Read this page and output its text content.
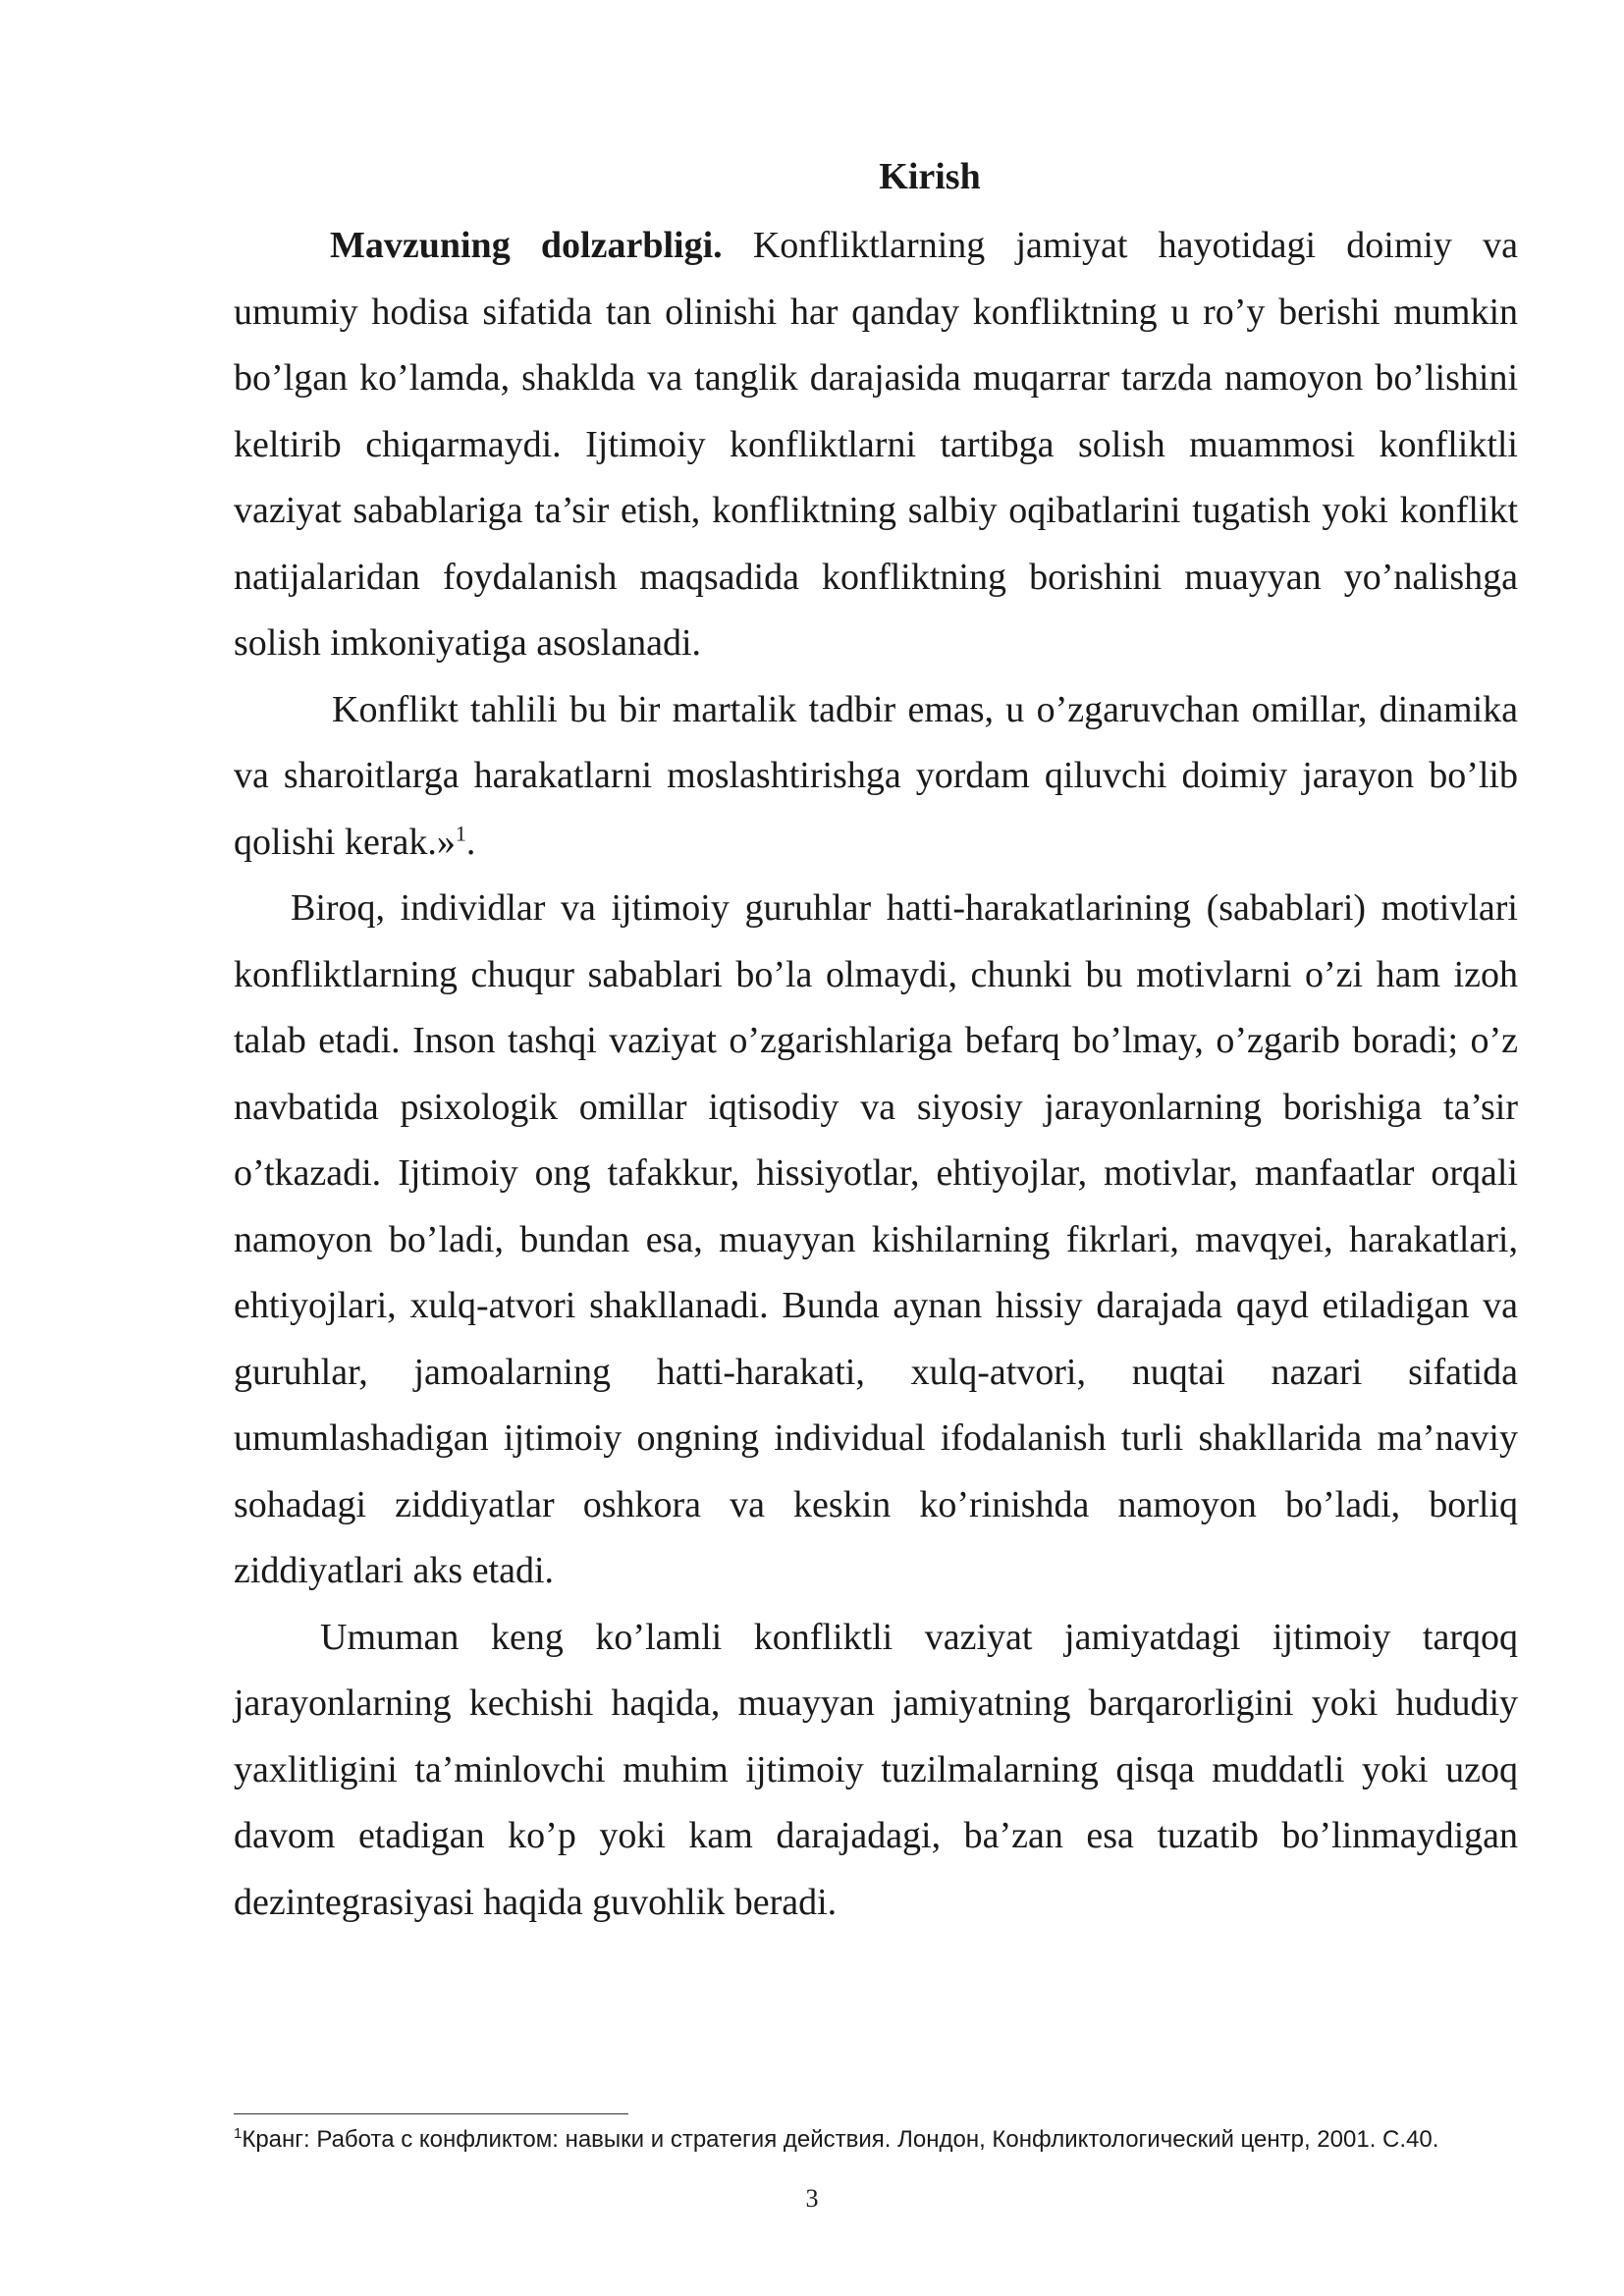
Kirish

Mavzuning dolzarbligi. Konfliktlarning jamiyat hayotidagi doimiy va umumiy hodisa sifatida tan olinishi har qanday konfliktning u ro’y berishi mumkin bo’lgan ko’lamda, shaklda va tanglik darajasida muqarrar tarzda namoyon bo’lishini keltirib chiqarmaydi. Ijtimoiy konfliktlarni tartibga solish muammosi konfliktli vaziyat sabablariga ta’sir etish, konfliktning salbiy oqibatlarini tugatish yoki konflikt natijalaridan foydalanish maqsadida konfliktning borishini muayyan yo’nalishga solish imkoniyatiga asoslanadi.

Konflikt tahlili bu bir martalik tadbir emas, u o’zgaruvchan omillar, dinamika va sharoitlarga harakatlarni moslashtirishga yordam qiluvchi doimiy jarayon bo’lib qolishi kerak.»$^1$.

Biroq, individlar va ijtimoiy guruhlar hatti-harakatlarining (sabablari) motivlari konfliktlarning chuqur sabablari bo’la olmaydi, chunki bu motivlarni o’zi ham izoh talab etadi. Inson tashqi vaziyat o’zgarishlariga befarq bo’lmay, o’zgarib boradi; o’z navbatida psixologik omillar iqtisodiy va siyosiy jarayonlarning borishiga ta’sir o’tkazadi. Ijtimoiy ong tafakkur, hissiyotlar, ehtiyojlar, motivlar, manfaatlar orqali namoyon bo’ladi, bundan esa, muayyan kishilarning fikrlari, mavqyei, harakatlari, ehtiyojlari, xulq-atvori shakllanadi. Bunda aynan hissiy darajada qayd etiladigan va guruhlar, jamoalarning hatti-harakati, xulq-atvori, nuqtai nazari sifatida umumlashadigan ijtimoiy ongning individual ifodalanish turli shakllarida ma’naviy sohadagi ziddiyatlar oshkora va keskin ko’rinishda namoyon bo’ladi, borliq ziddiyatlari aks etadi.

Umuman keng ko’lamli konfliktli vaziyat jamiyatdagi ijtimoiy tarqoq jarayonlarning kechishi haqida, muayyan jamiyatning barqarorligini yoki hududiy yaxlitligini ta’minlovchi muhim ijtimoiy tuzilmalarning qisqa muddatli yoki uzoq davom etadigan ko’p yoki kam darajadagi, ba’zan esa tuzatib bo’linmaydigan dezintegrasiyasi haqida guvohlik beradi.

$^1$Кранг: Работа с конфликтом: навыки и стратегия действия. Лондон, Конфликтологический центр, 2001. С.40.
3
